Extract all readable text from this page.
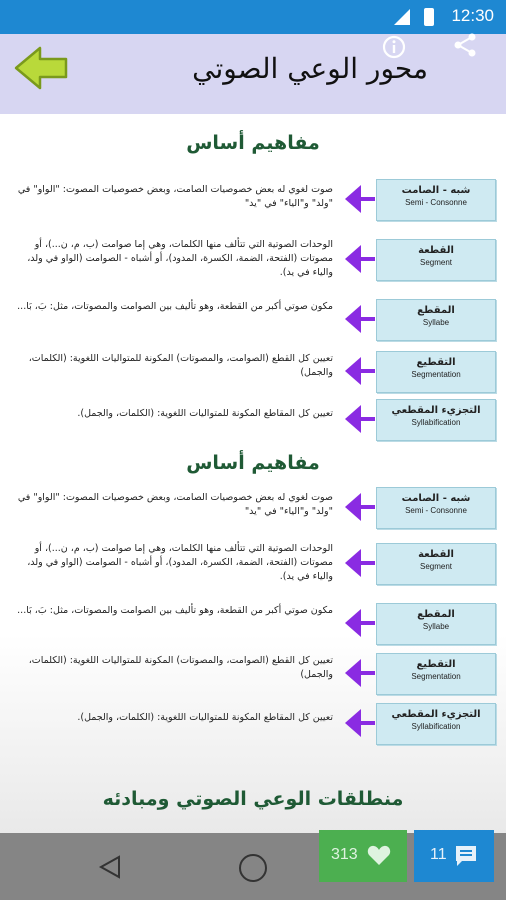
12:30
محور الوعي الصوتي
مفاهيم أساس
شبه - الصامت
Semi - Consonne
صوت لغوي له بعض خصوصيات الصامت، وبعض خصوصيات المصوت: "الواو" في "ولد" و"الياء" في "يد"
القطعة
Segment
الوحدات الصوتية التي تتألف منها الكلمات، وهي إما صوامت (ب، م، ن...)، أو مصوتات (الفتحة، الضمة، الكسرة، المدود)، أو أشباه - الصوامت (الواو في ولد، والياء في يد).
المقطع
Syllabe
مكون صوتي أكبر من القطعة، وهو تأليف بين الصوامت والمصوتات، مثل: بَ، بَا...
التقطيع
Segmentation
تعيين كل القطع (الصوامت، والمصوتات) المكونة للمتواليات اللغوية: (الكلمات، والجمل)
التجزيء المقطعي
Syllabification
تعيين كل المقاطع المكونة للمتواليات اللغوية: (الكلمات، والجمل).
مفاهيم أساس
شبه - الصامت
Semi - Consonne
صوت لغوي له بعض خصوصيات الصامت، وبعض خصوصيات المصوت: "الواو" في "ولد" و"الياء" في "يد"
القطعة
Segment
الوحدات الصوتية التي تتألف منها الكلمات، وهي إما صوامت (ب، م، ن...)، أو مصوتات (الفتحة، الضمة، الكسرة، المدود)، أو أشباه - الصوامت (الواو في ولد، والياء في يد).
المقطع
Syllabe
مكون صوتي أكبر من القطعة، وهو تأليف بين الصوامت والمصوتات، مثل: بَ، بَا...
التقطيع
Segmentation
تعيين كل القطع (الصوامت، والمصوتات) المكونة للمتواليات اللغوية: (الكلمات، والجمل)
التجزيء المقطعي
Syllabification
تعيين كل المقاطع المكونة للمتواليات اللغوية: (الكلمات، والجمل).
منطلقات الوعي الصوتي ومبادئه
313	11
